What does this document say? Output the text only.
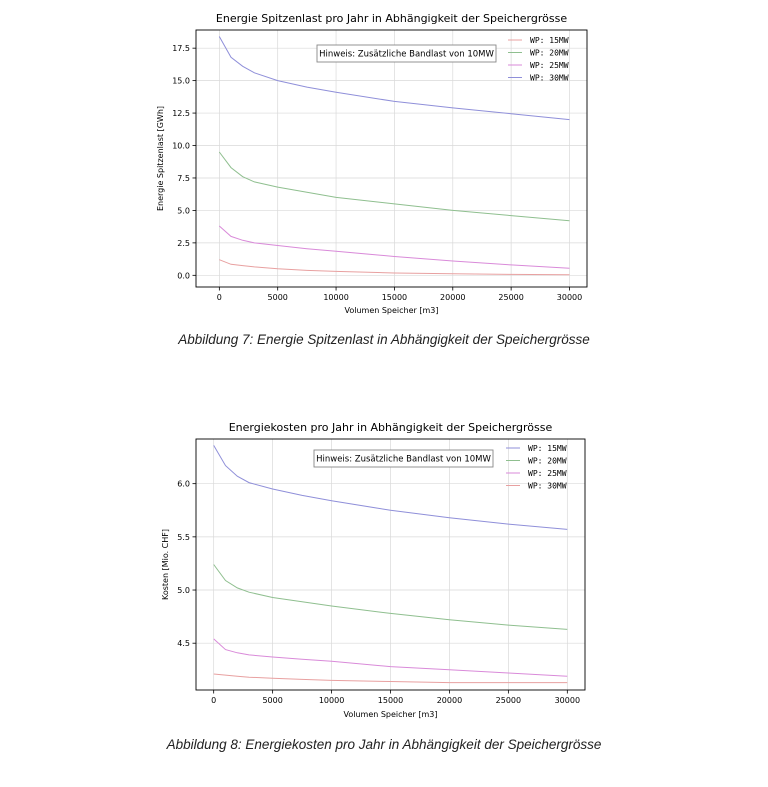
Energie Spitzenlast pro Jahr in Abhängigkeit der Speichergrösse
0	5000	10000	15000	20000	25000	30000
0.0
2.5
5.0
7.5
10.0
12.5
15.0
17.5
Volumen Speicher [m3]
Energie Spitzenlast [GWh]
Hinweis: Zusätzliche Bandlast von 10MW
WP: 15MW
WP: 20MW
WP: 25MW
WP: 30MW
Abbildung 7: Energie Spitzenlast in Abhängigkeit der Speichergrösse
Energiekosten pro Jahr in Abhängigkeit der Speichergrösse
0	5000	10000	15000	20000	25000	30000
4.5
5.0
5.5
6.0
Volumen Speicher [m3]
Kosten [Mio. CHF]
Hinweis: Zusätzliche Bandlast von 10MW
WP: 15MW
WP: 20MW
WP: 25MW
WP: 30MW
Abbildung 8: Energiekosten pro Jahr in Abhängigkeit der Speichergrösse
